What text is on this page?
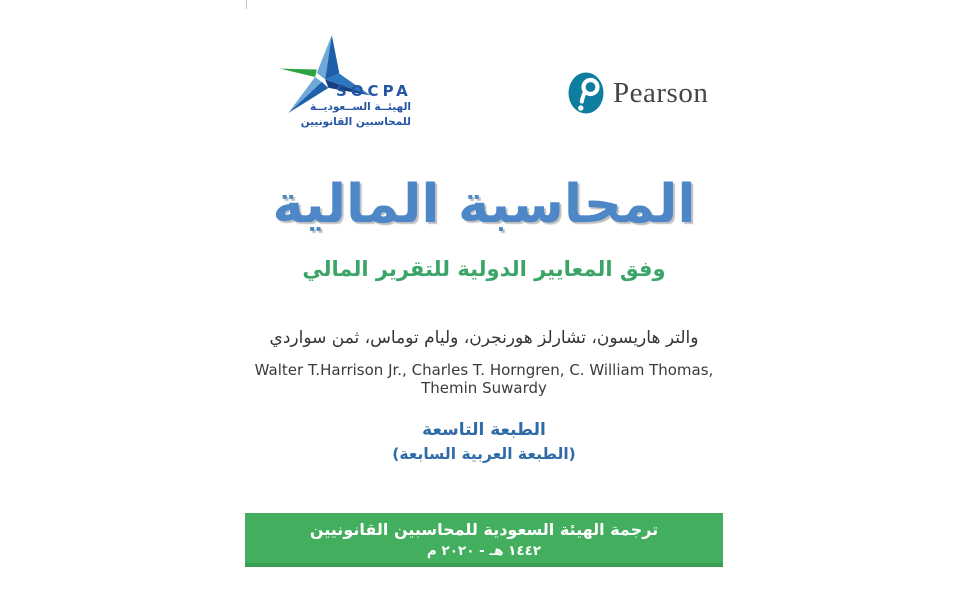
SOCPA
الهيئــة الســعوديــة
للمحاسبين القانونيين
Pearson
المحاسبة المالية
وفق المعايير الدولية للتقرير المالي

والتر هاريسون، تشارلز هورنجرن، وليام توماس، ثمن سواردي

Walter T.Harrison Jr., Charles T. Horngren, C. William Thomas,
Themin Suwardy

الطبعة التاسعة

(الطبعة العربية السابعة)

ترجمة الهيئة السعودية للمحاسبين القانونيين
١٤٤٢ هـ - ٢٠٢٠ م
